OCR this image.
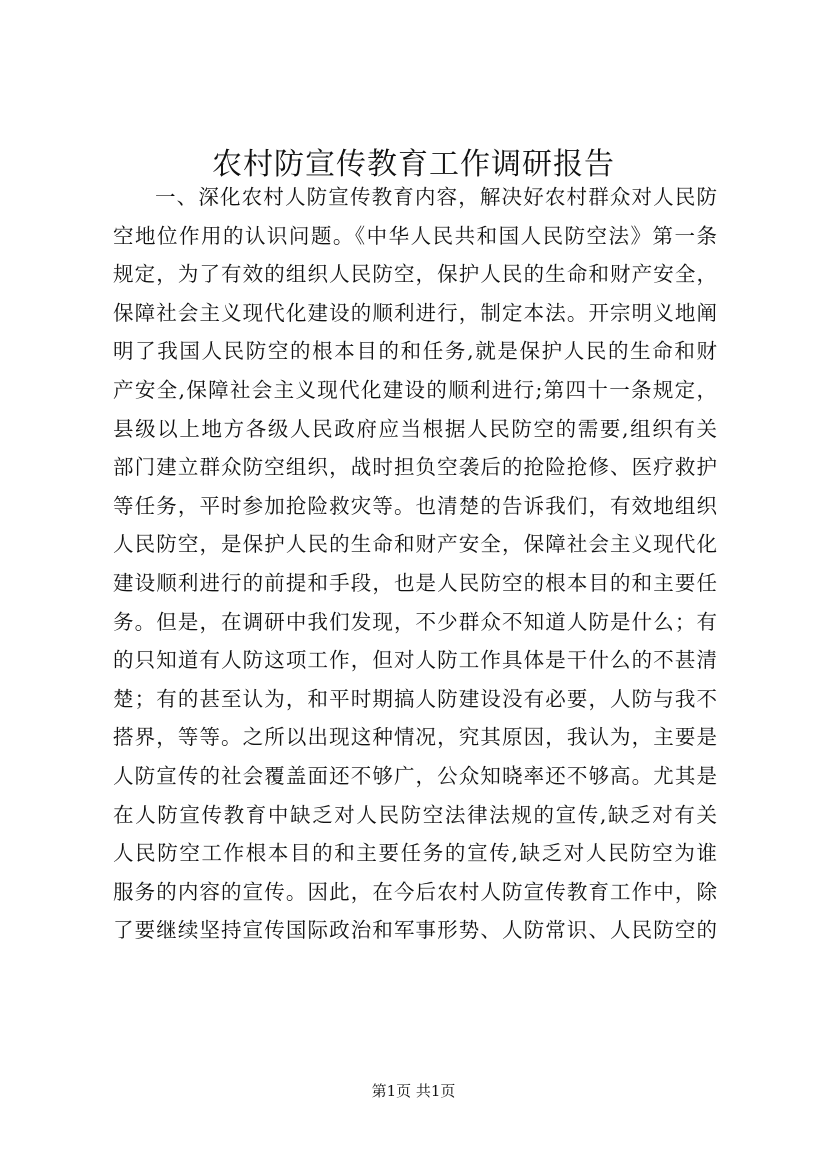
农村防宣传教育工作调研报告
一、深化农村人防宣传教育内容，解决好农村群众对人民防
空地位作用的认识问题。《中华人民共和国人民防空法》第一条
规定，为了有效的组织人民防空，保护人民的生命和财产安全，
保障社会主义现代化建设的顺利进行，制定本法。开宗明义地阐
明了我国人民防空的根本目的和任务,就是保护人民的生命和财
产安全,保障社会主义现代化建设的顺利进行;第四十一条规定，
县级以上地方各级人民政府应当根据人民防空的需要,组织有关
部门建立群众防空组织，战时担负空袭后的抢险抢修、医疗救护
等任务，平时参加抢险救灾等。也清楚的告诉我们，有效地组织
人民防空，是保护人民的生命和财产安全，保障社会主义现代化
建设顺利进行的前提和手段，也是人民防空的根本目的和主要任
务。但是，在调研中我们发现，不少群众不知道人防是什么；有
的只知道有人防这项工作，但对人防工作具体是干什么的不甚清
楚；有的甚至认为，和平时期搞人防建设没有必要，人防与我不
搭界，等等。之所以出现这种情况，究其原因，我认为，主要是
人防宣传的社会覆盖面还不够广，公众知晓率还不够高。尤其是
在人防宣传教育中缺乏对人民防空法律法规的宣传,缺乏对有关
人民防空工作根本目的和主要任务的宣传,缺乏对人民防空为谁
服务的内容的宣传。因此，在今后农村人防宣传教育工作中，除
了要继续坚持宣传国际政治和军事形势、人防常识、人民防空的
第1页 共1页
